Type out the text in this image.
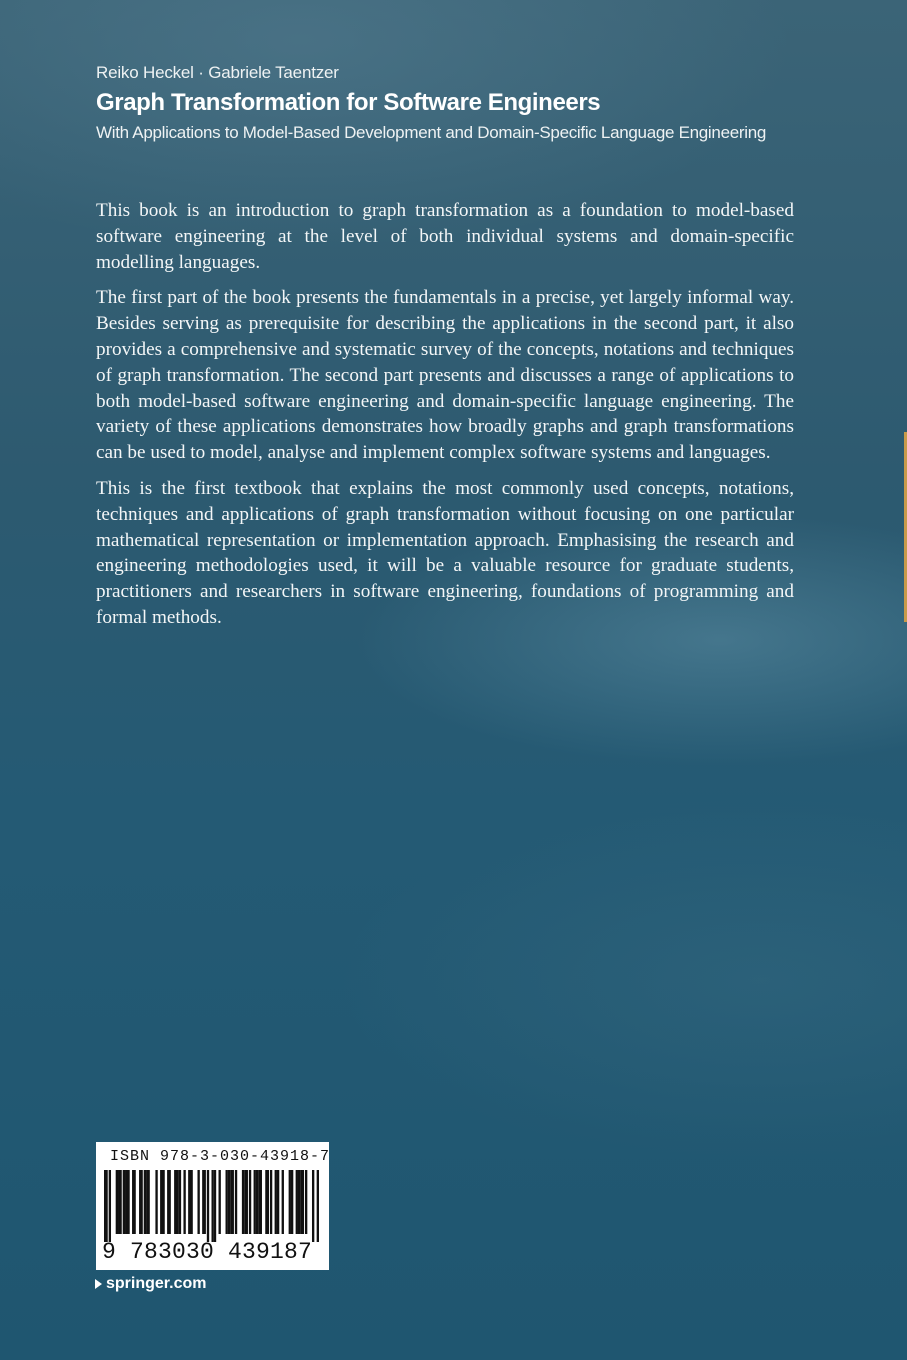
Reiko Heckel · Gabriele Taentzer
Graph Transformation for Software Engineers
With Applications to Model-Based Development and Domain-Specific Language Engineering

This book is an introduction to graph transformation as a foundation to model-based software engineering at the level of both individual systems and domain-specific modelling languages.

The first part of the book presents the fundamentals in a precise, yet largely informal way. Besides serving as prerequisite for describing the applications in the second part, it also provides a comprehensive and systematic survey of the concepts, notations and techniques of graph transformation. The second part presents and discusses a range of applications to both model-based software engineering and domain-specific language engineering. The variety of these applications demonstrates how broadly graphs and graph transformations can be used to model, analyse and implement complex software systems and languages.

This is the first textbook that explains the most commonly used concepts, notations, techniques and applications of graph transformation without focusing on one particular mathematical representation or implementation approach. Emphasising the research and engineering methodologies used, it will be a valuable resource for graduate students, practitioners and researchers in software engineering, foundations of programming and formal methods.

ISBN 978-3-030-43918-7
9 783030 439187
springer.com
